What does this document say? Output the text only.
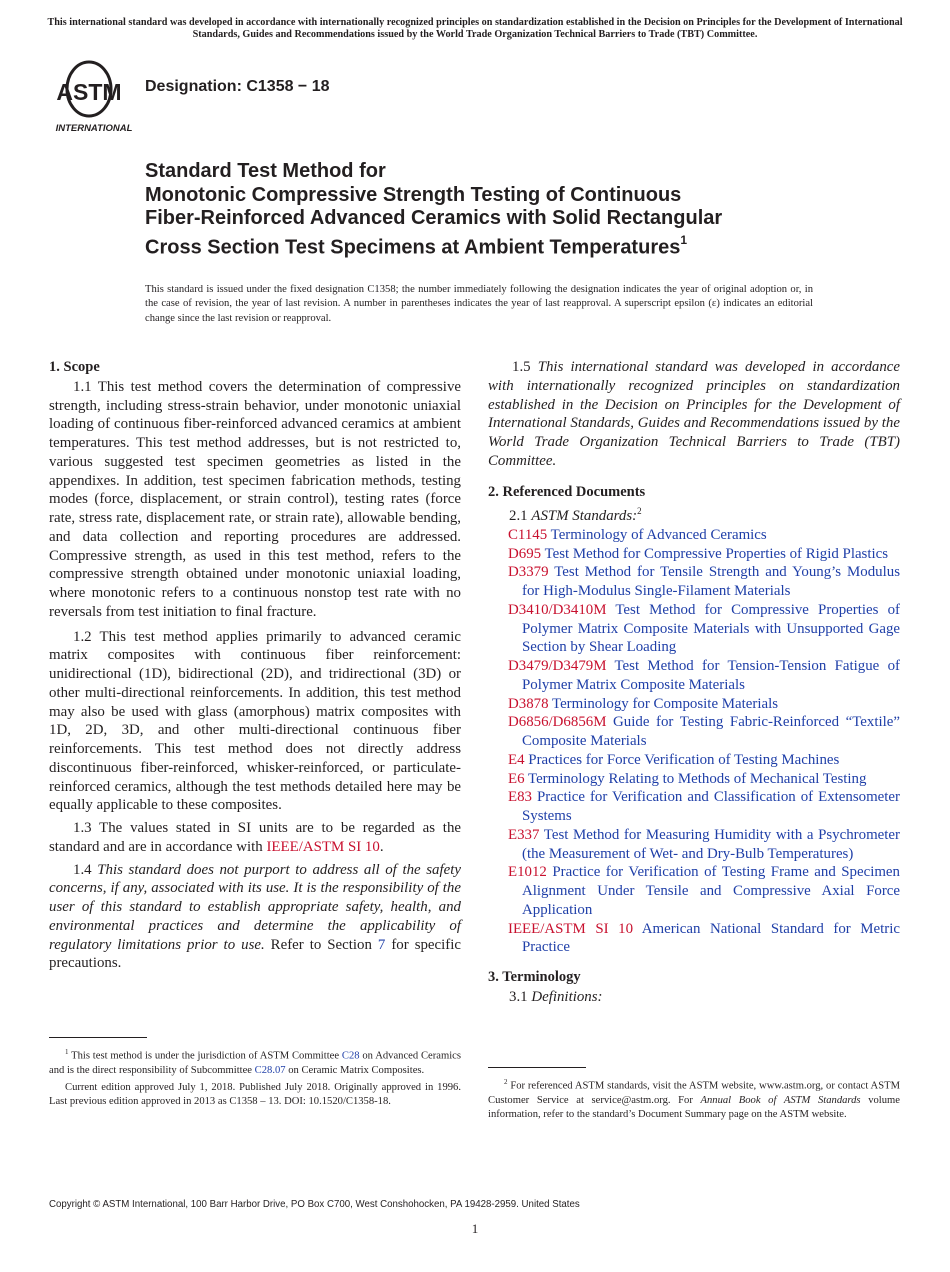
This international standard was developed in accordance with internationally recognized principles on standardization established in the Decision on Principles for the Development of International Standards, Guides and Recommendations issued by the World Trade Organization Technical Barriers to Trade (TBT) Committee.
ASTM
INTERNATIONAL
Designation: C1358 − 18
Standard Test Method for
Monotonic Compressive Strength Testing of Continuous
Fiber-Reinforced Advanced Ceramics with Solid Rectangular
Cross Section Test Specimens at Ambient Temperatures$^1$
This standard is issued under the fixed designation C1358; the number immediately following the designation indicates the year of original adoption or, in the case of revision, the year of last revision. A number in parentheses indicates the year of last reapproval. A superscript epsilon (ε) indicates an editorial change since the last revision or reapproval.
1. Scope

1.1 This test method covers the determination of compressive strength, including stress-strain behavior, under monotonic uniaxial loading of continuous fiber-reinforced advanced ceramics at ambient temperatures. This test method addresses, but is not restricted to, various suggested test specimen geometries as listed in the appendixes. In addition, test specimen fabrication methods, testing modes (force, displacement, or strain control), testing rates (force rate, stress rate, displacement rate, or strain rate), allowable bending, and data collection and reporting procedures are addressed. Compressive strength, as used in this test method, refers to the compressive strength obtained under monotonic uniaxial loading, where monotonic refers to a continuous nonstop test rate with no reversals from test initiation to final fracture.

1.2 This test method applies primarily to advanced ceramic matrix composites with continuous fiber reinforcement: unidirectional (1D), bidirectional (2D), and tridirectional (3D) or other multi-directional reinforcements. In addition, this test method may also be used with glass (amorphous) matrix composites with 1D, 2D, 3D, and other multi-directional continuous fiber reinforcements. This test method does not directly address discontinuous fiber-reinforced, whisker-reinforced, or particulate-reinforced ceramics, although the test methods detailed here may be equally applicable to these composites.

1.3 The values stated in SI units are to be regarded as the standard and are in accordance with IEEE/ASTM SI 10.

1.4 This standard does not purport to address all of the safety concerns, if any, associated with its use. It is the responsibility of the user of this standard to establish appropriate safety, health, and environmental practices and determine the applicability of regulatory limitations prior to use. Refer to Section 7 for specific precautions.

$^1$ This test method is under the jurisdiction of ASTM Committee C28 on Advanced Ceramics and is the direct responsibility of Subcommittee C28.07 on Ceramic Matrix Composites.

Current edition approved July 1, 2018. Published July 2018. Originally approved in 1996. Last previous edition approved in 2013 as C1358 – 13. DOI: 10.1520/C1358-18.

1.5 This international standard was developed in accordance with internationally recognized principles on standardization established in the Decision on Principles for the Development of International Standards, Guides and Recommendations issued by the World Trade Organization Technical Barriers to Trade (TBT) Committee.

2. Referenced Documents

2.1 ASTM Standards:$^2$

C1145 Terminology of Advanced Ceramics

D695 Test Method for Compressive Properties of Rigid Plastics

D3379 Test Method for Tensile Strength and Young’s Modulus for High-Modulus Single-Filament Materials

D3410/D3410M Test Method for Compressive Properties of Polymer Matrix Composite Materials with Unsupported Gage Section by Shear Loading

D3479/D3479M Test Method for Tension-Tension Fatigue of Polymer Matrix Composite Materials

D3878 Terminology for Composite Materials

D6856/D6856M Guide for Testing Fabric-Reinforced “Textile” Composite Materials

E4 Practices for Force Verification of Testing Machines

E6 Terminology Relating to Methods of Mechanical Testing

E83 Practice for Verification and Classification of Extensometer Systems

E337 Test Method for Measuring Humidity with a Psychrometer (the Measurement of Wet- and Dry-Bulb Temperatures)

E1012 Practice for Verification of Testing Frame and Specimen Alignment Under Tensile and Compressive Axial Force Application

IEEE/ASTM SI 10 American National Standard for Metric Practice

3. Terminology

3.1 Definitions:

$^2$ For referenced ASTM standards, visit the ASTM website, www.astm.org, or contact ASTM Customer Service at service@astm.org. For Annual Book of ASTM Standards volume information, refer to the standard’s Document Summary page on the ASTM website.

Copyright © ASTM International, 100 Barr Harbor Drive, PO Box C700, West Conshohocken, PA 19428-2959. United States
1
